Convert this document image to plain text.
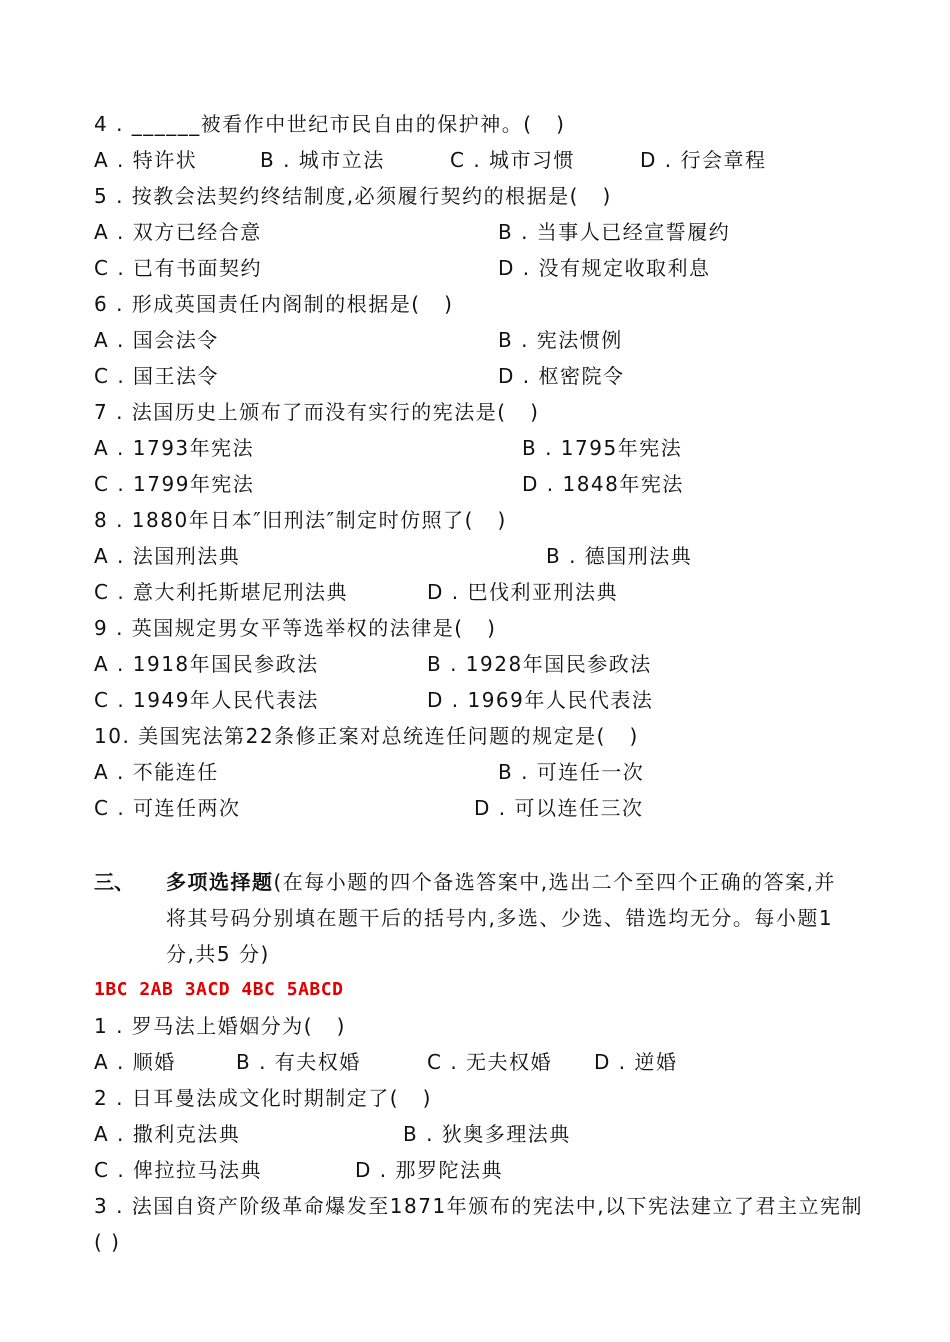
4 . ______被看作中世纪市民自由的保护神。(   )
A . 特许状	B . 城市立法	C . 城市习惯	D . 行会章程
5 . 按教会法契约终结制度,必须履行契约的根据是(   )
A . 双方已经合意	B . 当事人已经宣誓履约
C . 已有书面契约	D . 没有规定收取利息
6 . 形成英国责任内阁制的根据是(   )
A . 国会法令	B . 宪法惯例
C . 国王法令	D . 枢密院令
7 . 法国历史上颁布了而没有实行的宪法是(   )
A . 1793年宪法	B . 1795年宪法
C . 1799年宪法	D . 1848年宪法
8 . 1880年日本″旧刑法″制定时仿照了(   )
A . 法国刑法典	B . 德国刑法典
C . 意大利托斯堪尼刑法典	D . 巴伐利亚刑法典
9 . 英国规定男女平等选举权的法律是(   )
A . 1918年国民参政法	B . 1928年国民参政法
C . 1949年人民代表法	D . 1969年人民代表法
10. 美国宪法第22条修正案对总统连任问题的规定是(   )
A . 不能连任	B . 可连任一次
C . 可连任两次	D . 可以连任三次
三、 多项选择题(在每小题的四个备选答案中,选出二个至四个正确的答案,并将其号码分别填在题干后的括号内,多选、少选、错选均无分。每小题1 分,共5 分)
1BC 2AB 3ACD 4BC 5ABCD
1 . 罗马法上婚姻分为(   )
A . 顺婚	B . 有夫权婚	C . 无夫权婚 D . 逆婚
2 . 日耳曼法成文化时期制定了(   )
A . 撒利克法典	B . 狄奥多理法典
C . 俾拉拉马法典	D . 那罗陀法典
3 . 法国自资产阶级革命爆发至1871年颁布的宪法中,以下宪法建立了君主立宪制( )
